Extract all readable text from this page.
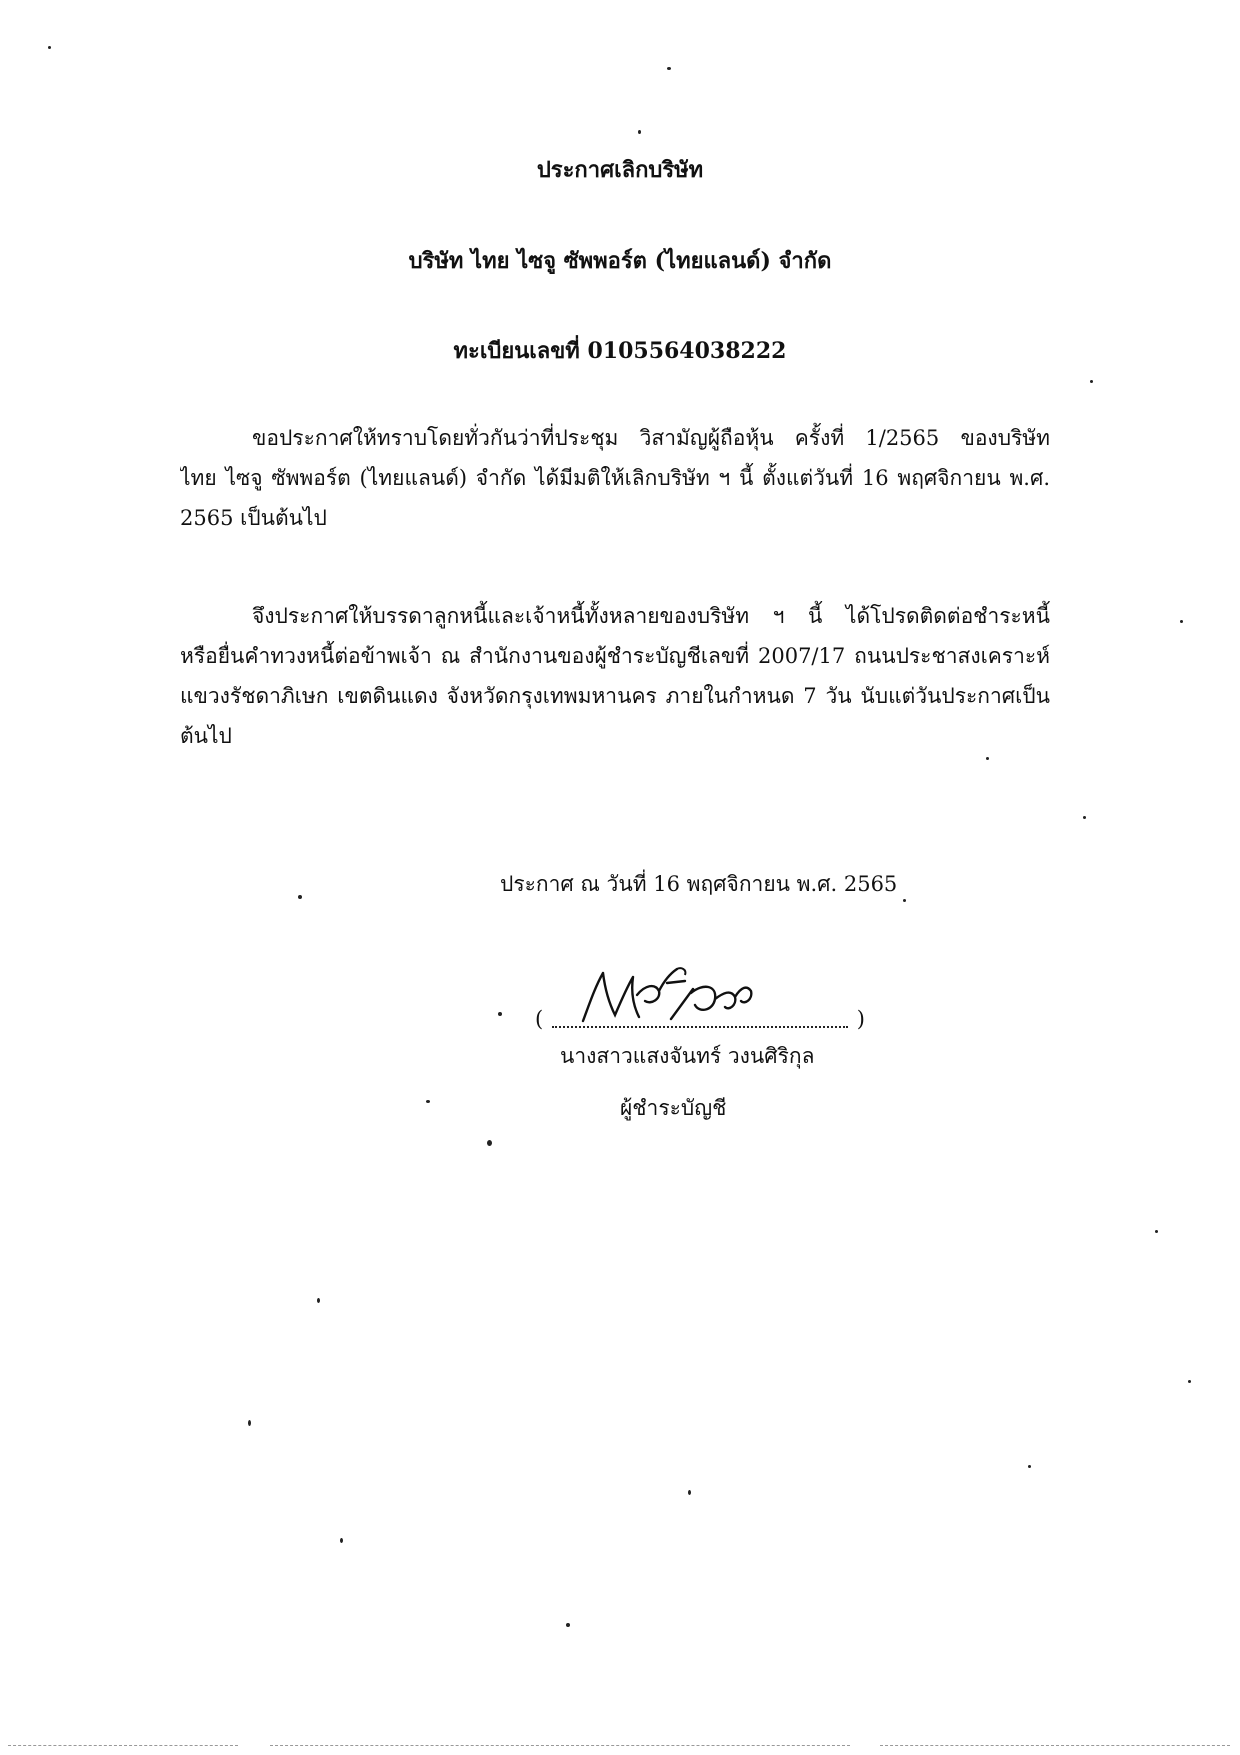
ประกาศเลิกบริษัท
บริษัท ไทย ไซจู ซัพพอร์ต (ไทยแลนด์) จำกัด
ทะเบียนเลขที่ 0105564038222
ขอประกาศให้ทราบโดยทั่วกันว่าที่ประชุม วิสามัญผู้ถือหุ้น ครั้งที่ 1/2565 ของบริษัท
ไทย ไซจู ซัพพอร์ต (ไทยแลนด์) จำกัด ได้มีมติให้เลิกบริษัท ฯ นี้ ตั้งแต่วันที่ 16 พฤศจิกายน พ.ศ.
2565 เป็นต้นไป
จึงประกาศให้บรรดาลูกหนี้และเจ้าหนี้ทั้งหลายของบริษัท ฯ นี้ ได้โปรดติดต่อชำระหนี้
หรือยื่นคำทวงหนี้ต่อข้าพเจ้า ณ สำนักงานของผู้ชำระบัญชีเลขที่ 2007/17 ถนนประชาสงเคราะห์
แขวงรัชดาภิเษก เขตดินแดง จังหวัดกรุงเทพมหานคร ภายในกำหนด 7 วัน นับแต่วันประกาศเป็น
ต้นไป
ประกาศ ณ วันที่ 16 พฤศจิกายน พ.ศ. 2565
(	)
นางสาวแสงจันทร์ วงนศิริกุล
ผู้ชำระบัญชี
